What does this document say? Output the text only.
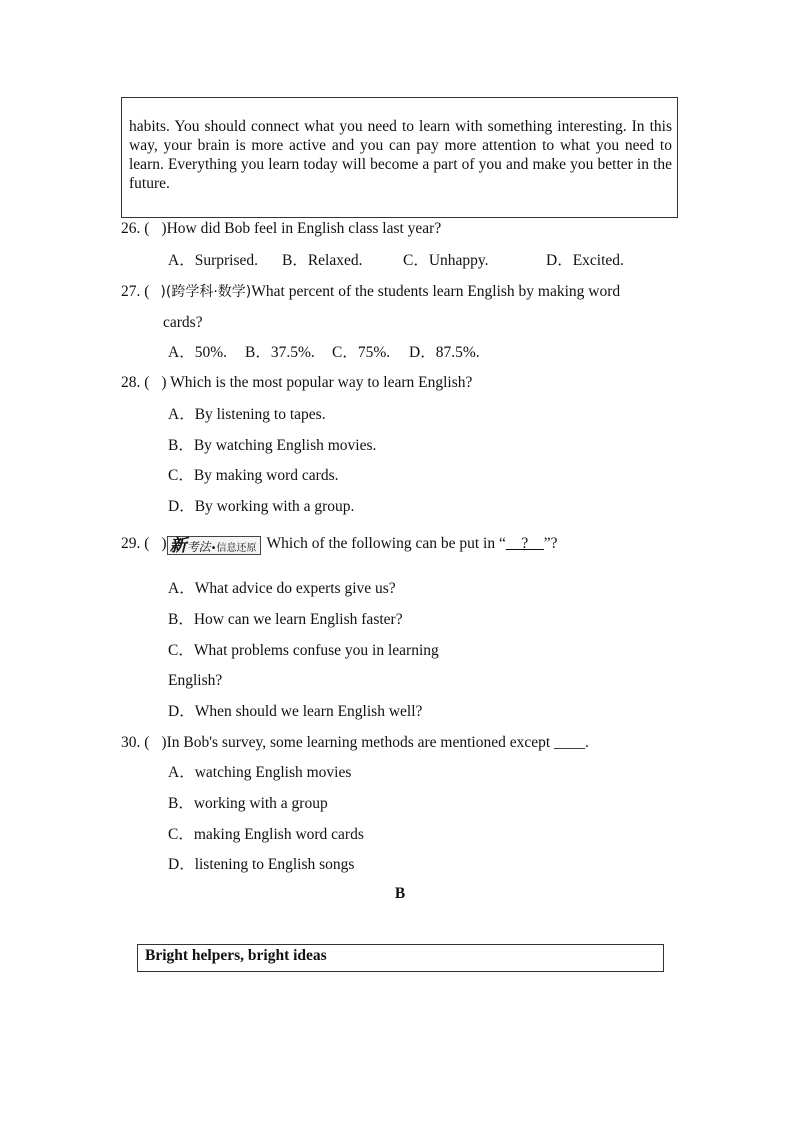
habits. You should connect what you need to learn with something interesting. In this way, your brain is more active and you can pay more attention to what you need to learn. Everything you learn today will become a part of you and make you better in the future.

26. ( )How did Bob feel in English class last year?
A．Surprised. B．Relaxed.	C．Unhappy.	D．Excited.
27. ( )(跨学科·数学)What percent of the students learn English by making word
cards?
A．50%. B．37.5%. C．75%. D．87.5%.
28. ( ) Which is the most popular way to learn English?
A．By listening to tapes.
B．By watching English movies.
C．By making word cards.
D．By working with a group.
29. ( ) 新考法•信息还原 Which of the following can be put in “__?__”?
A．What advice do experts give us?
B．How can we learn English faster?
C．What problems confuse you in learning
English?
D．When should we learn English well?
30. ( )In Bob's survey, some learning methods are mentioned except ____.
A．watching English movies
B．working with a group
C．making English word cards
D．listening to English songs
B
Bright helpers, bright ideas
